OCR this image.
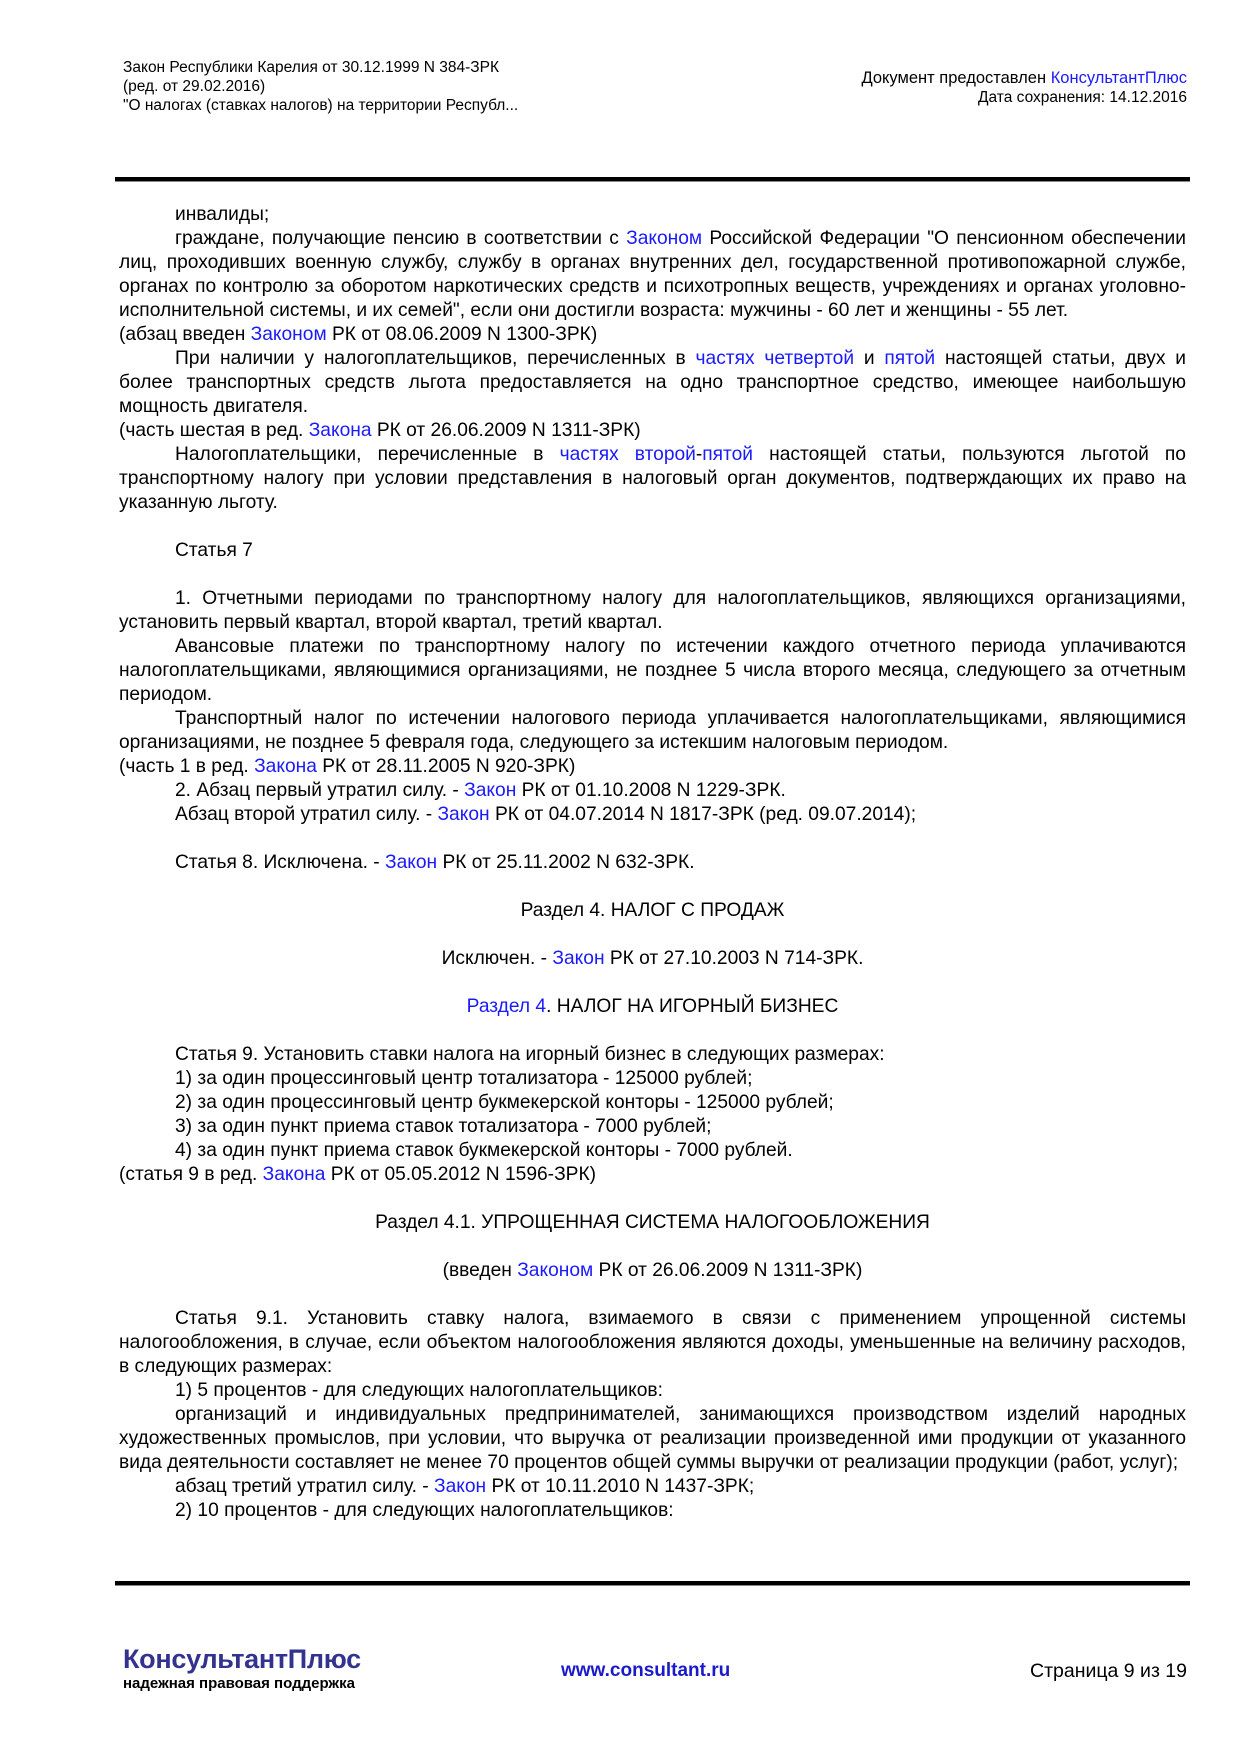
Закон Республики Карелия от 30.12.1999 N 384-ЗРК
(ред. от 29.02.2016)
"О налогах (ставках налогов) на территории Республ...
Документ предоставлен КонсультантПлюс
Дата сохранения: 14.12.2016

инвалиды;

граждане, получающие пенсию в соответствии с Законом Российской Федерации "О пенсионном обеспечении лиц, проходивших военную службу, службу в органах внутренних дел, государственной противопожарной службе, органах по контролю за оборотом наркотических средств и психотропных веществ, учреждениях и органах уголовно-исполнительной системы, и их семей", если они достигли возраста: мужчины - 60 лет и женщины - 55 лет.

(абзац введен Законом РК от 08.06.2009 N 1300-ЗРК)

При наличии у налогоплательщиков, перечисленных в частях четвертой и пятой настоящей статьи, двух и более транспортных средств льгота предоставляется на одно транспортное средство, имеющее наибольшую мощность двигателя.

(часть шестая в ред. Закона РК от 26.06.2009 N 1311-ЗРК)

Налогоплательщики, перечисленные в частях второй-пятой настоящей статьи, пользуются льготой по транспортному налогу при условии представления в налоговый орган документов, подтверждающих их право на указанную льготу.

Статья 7

1. Отчетными периодами по транспортному налогу для налогоплательщиков, являющихся организациями, установить первый квартал, второй квартал, третий квартал.

Авансовые платежи по транспортному налогу по истечении каждого отчетного периода уплачиваются налогоплательщиками, являющимися организациями, не позднее 5 числа второго месяца, следующего за отчетным периодом.

Транспортный налог по истечении налогового периода уплачивается налогоплательщиками, являющимися организациями, не позднее 5 февраля года, следующего за истекшим налоговым периодом.

(часть 1 в ред. Закона РК от 28.11.2005 N 920-ЗРК)

2. Абзац первый утратил силу. - Закон РК от 01.10.2008 N 1229-ЗРК.

Абзац второй утратил силу. - Закон РК от 04.07.2014 N 1817-ЗРК (ред. 09.07.2014);

Статья 8. Исключена. - Закон РК от 25.11.2002 N 632-ЗРК.

Раздел 4. НАЛОГ С ПРОДАЖ

Исключен. - Закон РК от 27.10.2003 N 714-ЗРК.

Раздел 4. НАЛОГ НА ИГОРНЫЙ БИЗНЕС

Статья 9. Установить ставки налога на игорный бизнес в следующих размерах:

1) за один процессинговый центр тотализатора - 125000 рублей;

2) за один процессинговый центр букмекерской конторы - 125000 рублей;

3) за один пункт приема ставок тотализатора - 7000 рублей;

4) за один пункт приема ставок букмекерской конторы - 7000 рублей.

(статья 9 в ред. Закона РК от 05.05.2012 N 1596-ЗРК)

Раздел 4.1. УПРОЩЕННАЯ СИСТЕМА НАЛОГООБЛОЖЕНИЯ

(введен Законом РК от 26.06.2009 N 1311-ЗРК)

Статья 9.1. Установить ставку налога, взимаемого в связи с применением упрощенной системы налогообложения, в случае, если объектом налогообложения являются доходы, уменьшенные на величину расходов, в следующих размерах:

1) 5 процентов - для следующих налогоплательщиков:

организаций и индивидуальных предпринимателей, занимающихся производством изделий народных художественных промыслов, при условии, что выручка от реализации произведенной ими продукции от указанного вида деятельности составляет не менее 70 процентов общей суммы выручки от реализации продукции (работ, услуг);

абзац третий утратил силу. - Закон РК от 10.11.2010 N 1437-ЗРК;

2) 10 процентов - для следующих налогоплательщиков:

КонсультантПлюс
надежная правовая поддержка
www.consultant.ru	Страница 9 из 19
